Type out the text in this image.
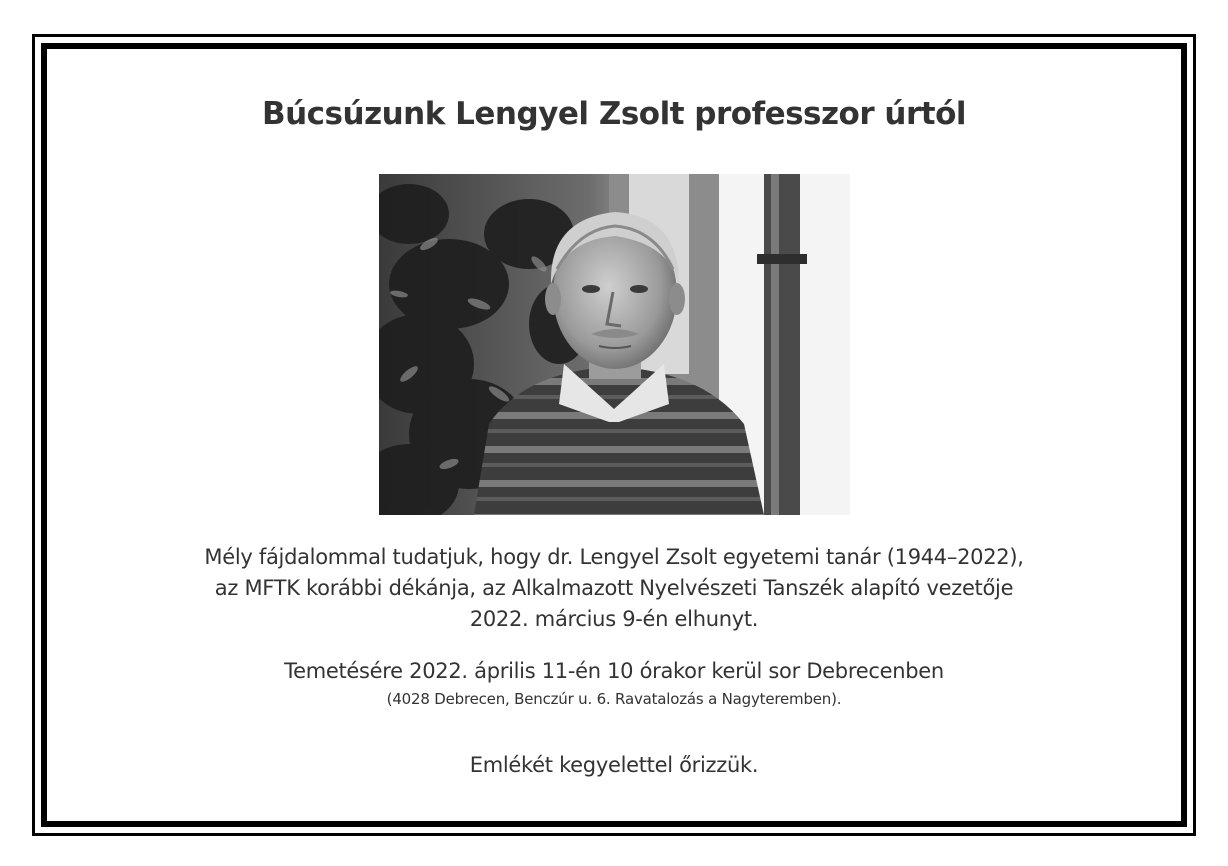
Búcsúzunk Lengyel Zsolt professzor úrtól

Mély fájdalommal tudatjuk, hogy dr. Lengyel Zsolt egyetemi tanár (1944–2022),
az MFTK korábbi dékánja, az Alkalmazott Nyelvészeti Tanszék alapító vezetője
2022. március 9-én elhunyt.

Temetésére 2022. április 11-én 10 órakor kerül sor Debrecenben

(4028 Debrecen, Benczúr u. 6. Ravatalozás a Nagyteremben).

Emlékét kegyelettel őrizzük.
